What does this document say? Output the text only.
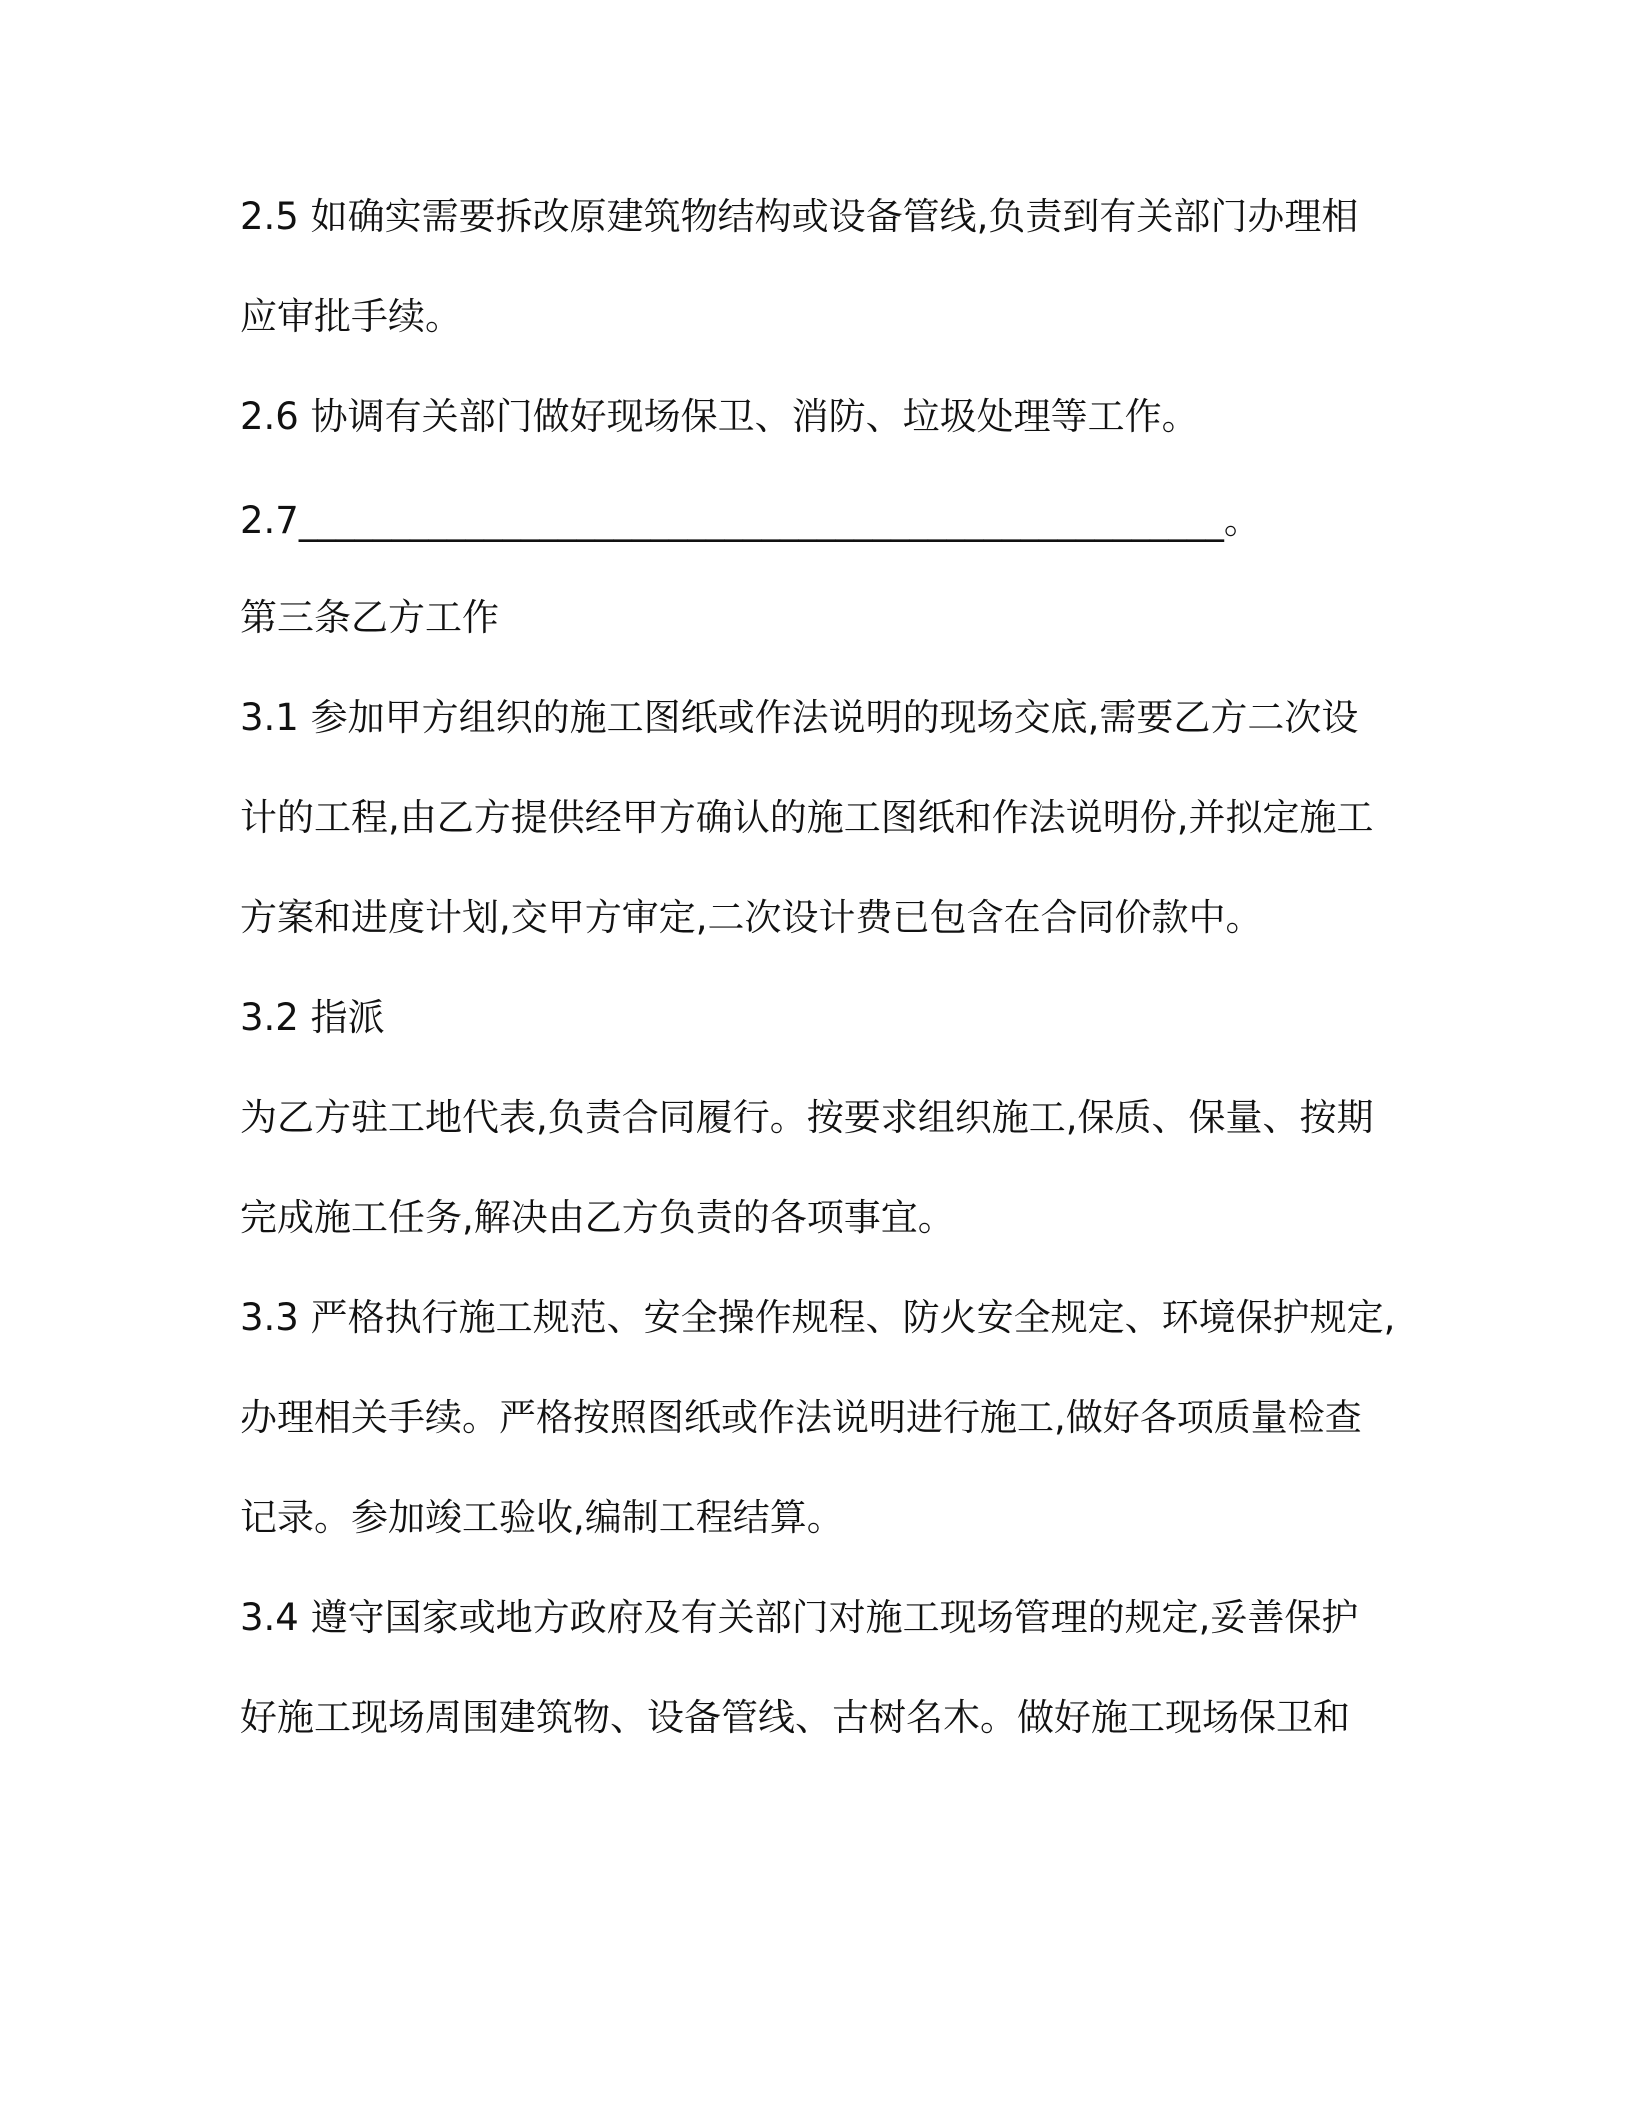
2.5 如确实需要拆改原建筑物结构或设备管线,负责到有关部门办理相
应审批手续。
2.6 协调有关部门做好现场保卫、消防、垃圾处理等工作。
2.7__________________________________________________。
第三条乙方工作
3.1 参加甲方组织的施工图纸或作法说明的现场交底,需要乙方二次设
计的工程,由乙方提供经甲方确认的施工图纸和作法说明份,并拟定施工
方案和进度计划,交甲方审定,二次设计费已包含在合同价款中。
3.2 指派
为乙方驻工地代表,负责合同履行。按要求组织施工,保质、保量、按期
完成施工任务,解决由乙方负责的各项事宜。
3.3 严格执行施工规范、安全操作规程、防火安全规定、环境保护规定,
办理相关手续。严格按照图纸或作法说明进行施工,做好各项质量检查
记录。参加竣工验收,编制工程结算。
3.4 遵守国家或地方政府及有关部门对施工现场管理的规定,妥善保护
好施工现场周围建筑物、设备管线、古树名木。做好施工现场保卫和
